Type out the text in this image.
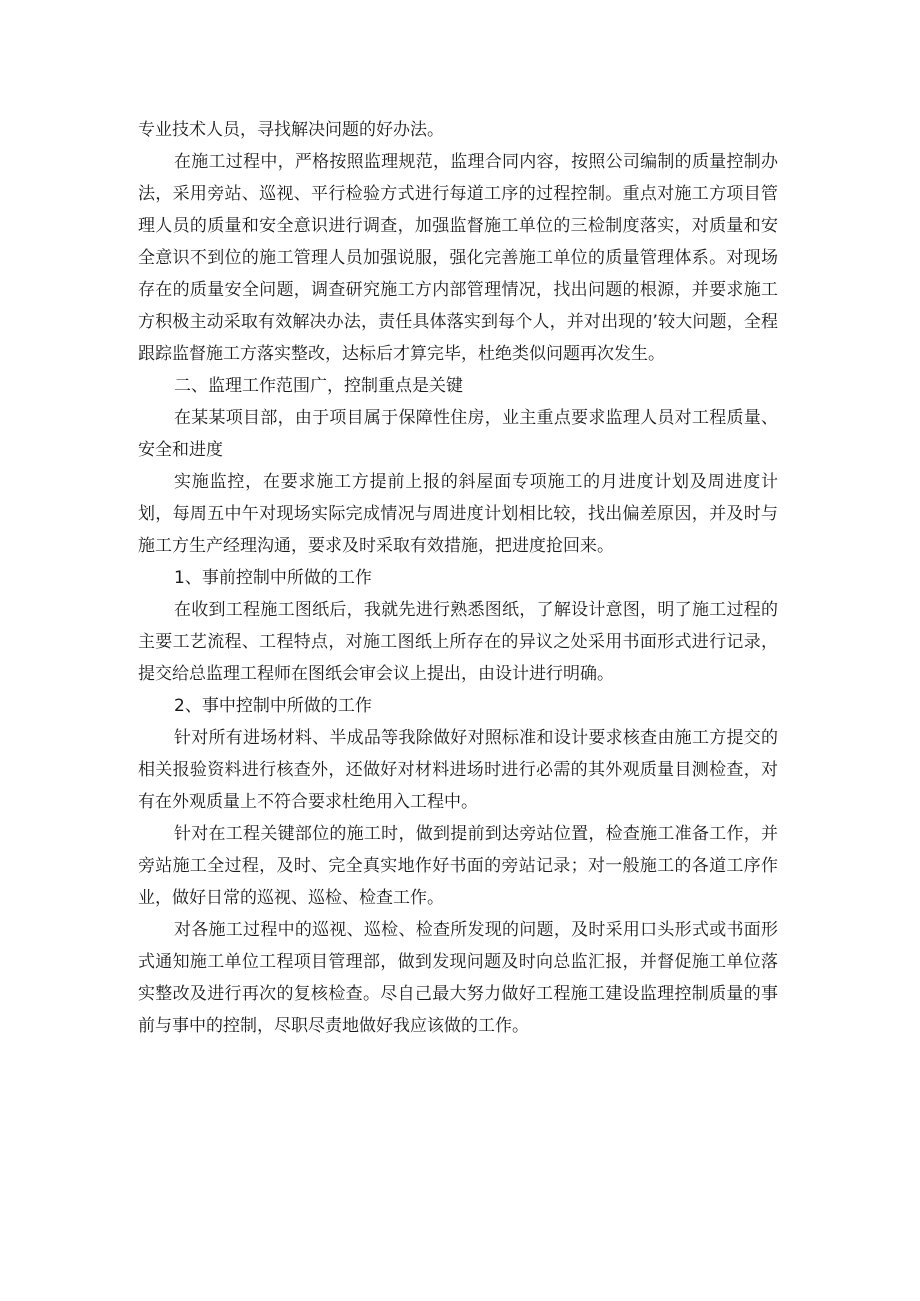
专业技术人员，寻找解决问题的好办法。

在施工过程中，严格按照监理规范，监理合同内容，按照公司编制的质量控制办法，采用旁站、巡视、平行检验方式进行每道工序的过程控制。重点对施工方项目管理人员的质量和安全意识进行调查，加强监督施工单位的三检制度落实，对质量和安全意识不到位的施工管理人员加强说服，强化完善施工单位的质量管理体系。对现场存在的质量安全问题，调查研究施工方内部管理情况，找出问题的根源，并要求施工方积极主动采取有效解决办法，责任具体落实到每个人，并对出现的’较大问题，全程跟踪监督施工方落实整改，达标后才算完毕，杜绝类似问题再次发生。

二、监理工作范围广，控制重点是关键

在某某项目部，由于项目属于保障性住房，业主重点要求监理人员对工程质量、安全和进度

实施监控，在要求施工方提前上报的斜屋面专项施工的月进度计划及周进度计划，每周五中午对现场实际完成情况与周进度计划相比较，找出偏差原因，并及时与施工方生产经理沟通，要求及时采取有效措施，把进度抢回来。

1、事前控制中所做的工作

在收到工程施工图纸后，我就先进行熟悉图纸，了解设计意图，明了施工过程的主要工艺流程、工程特点，对施工图纸上所存在的异议之处采用书面形式进行记录，提交给总监理工程师在图纸会审会议上提出，由设计进行明确。

2、事中控制中所做的工作

针对所有进场材料、半成品等我除做好对照标准和设计要求核查由施工方提交的相关报验资料进行核查外，还做好对材料进场时进行必需的其外观质量目测检查，对有在外观质量上不符合要求杜绝用入工程中。

针对在工程关键部位的施工时，做到提前到达旁站位置，检查施工准备工作，并旁站施工全过程，及时、完全真实地作好书面的旁站记录；对一般施工的各道工序作业，做好日常的巡视、巡检、检查工作。

对各施工过程中的巡视、巡检、检查所发现的问题，及时采用口头形式或书面形式通知施工单位工程项目管理部，做到发现问题及时向总监汇报，并督促施工单位落实整改及进行再次的复核检查。尽自己最大努力做好工程施工建设监理控制质量的事前与事中的控制，尽职尽责地做好我应该做的工作。
